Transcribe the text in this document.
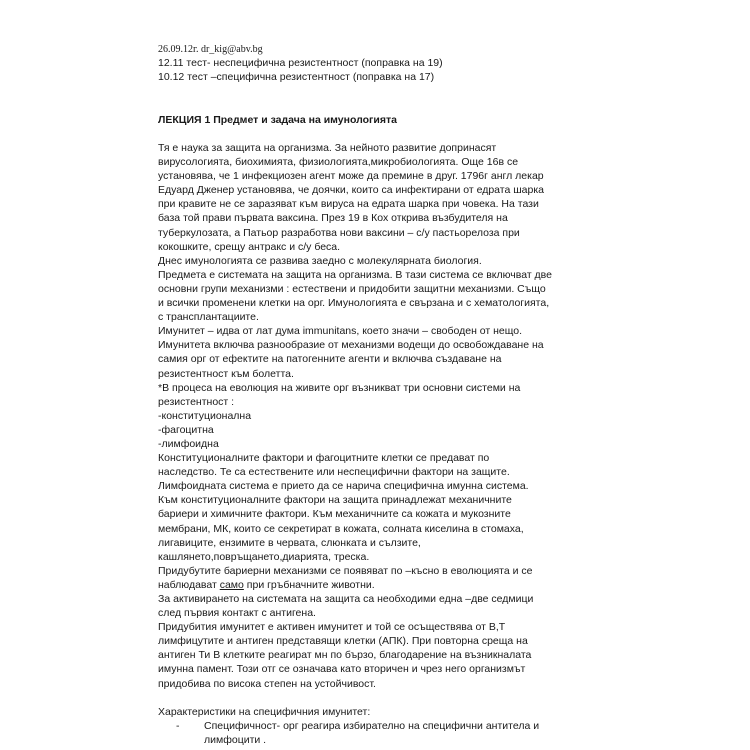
26.09.12г. dr_kig@abv.bg
12.11 тест- неспецифична резистентност (поправка на 19)
10.12 тест –специфична резистентност (поправка на 17)
ЛЕКЦИЯ 1 Предмет и задача на имунологията
Тя е наука за защита на организма. За нейното развитие допринасят
вирусологията, биохимията, физиологията,микробиологията. Още 16в се
установява, че 1 инфекциозен агент може да премине в друг. 1796г англ лекар
Едуард Дженер установява, че доячки, които са инфектирани от едрата шарка
при кравите не се заразяват към вируса на едрата шарка при човека. На тази
база той прави първата ваксина. През 19 в Кох открива възбудителя на
туберкулозата, а Патьор разработва нови ваксини – с/у пастьорелоза при
кокошките, срещу антракс и с/у беса.
Днес имунологията се развива заедно с молекулярната биология.
Предмета е системата на защита на организма. В тази система се включват две
основни групи механизми : естествени и придобити защитни механизми. Също
и всички променени клетки на орг. Имунологията е свързана и с хематологията,
с трансплантациите.
Имунитет – идва от лат дума immunitans, което значи – свободен от нещо.
Имунитета включва разнообразие от механизми водещи до освобождаване на
самия орг от ефектите на патогенните агенти и включва създаване на
резистентност към болетта.
*В процеса на еволюция на живите орг възникват три основни системи на
резистентност :
-конституционална
-фагоцитна
-лимфоидна
Конституционалните фактори и фагоцитните клетки се предават по
наследство. Те са естествените или неспецифични фактори на защите.
Лимфоидната система е прието да се нарича специфична имунна система.
Към конституционалните фактори на защита принадлежат механичните
бариери и химичните фактори. Към механичните са кожата и мукозните
мембрани, МК, които се секретират в кожата, солната киселина в стомаха,
лигавиците, ензимите в червата, слюнката и сълзите,
кашлянето,повръщането,диарията, треска.
Придубутите бариерни механизми се появяват по –късно в еволюцията и се
наблюдават само при гръбначните животни.
За активирането на системата на защита са необходими една –две седмици
след първия контакт с антигена.
Придубития имунитет е активен имунитет и той се осъществява от В,Т
лимфицутите и антиген представящи клетки (АПК). При повторна среща на
антиген Ти В клетките реагират мн по бързо, благодарение на възникналата
имунна памент. Този отг се означава като вторичен и чрез него организмът
придобива по висока степен на устойчивост.
Характеристики на специфичния имунитет:
-	Специфичност- орг реагира избирателно на специфични антитела и
лимфоцити .
